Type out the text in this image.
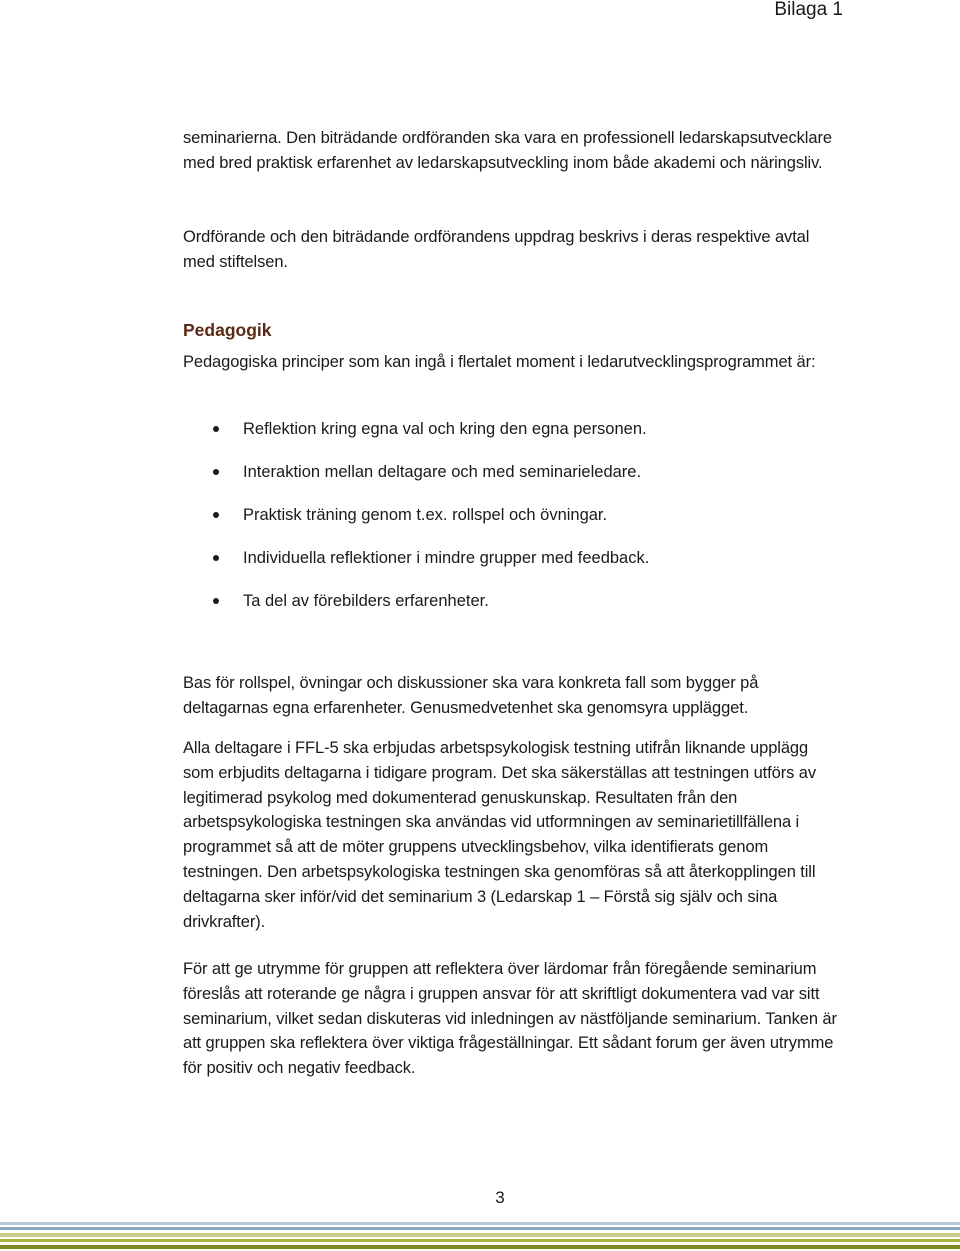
Bilaga 1

seminarierna. Den biträdande ordföranden ska vara en professionell ledarskapsutvecklare med bred praktisk erfarenhet av ledarskapsutveckling inom både akademi och näringsliv.

Ordförande och den biträdande ordförandens uppdrag beskrivs i deras respektive avtal med stiftelsen.

Pedagogik

Pedagogiska principer som kan ingå i flertalet moment i ledarutvecklingsprogrammet är:

Reflektion kring egna val och kring den egna personen.
Interaktion mellan deltagare och med seminarieledare.
Praktisk träning genom t.ex. rollspel och övningar.
Individuella reflektioner i mindre grupper med feedback.
Ta del av förebilders erfarenheter.

Bas för rollspel, övningar och diskussioner ska vara konkreta fall som bygger på deltagarnas egna erfarenheter. Genusmedvetenhet ska genomsyra upplägget.

Alla deltagare i FFL-5 ska erbjudas arbetspsykologisk testning utifrån liknande upplägg som erbjudits deltagarna i tidigare program. Det ska säkerställas att testningen utförs av legitimerad psykolog med dokumenterad genuskunskap. Resultaten från den arbetspsykologiska testningen ska användas vid utformningen av seminarietillfällena i programmet så att de möter gruppens utvecklingsbehov, vilka identifierats genom testningen. Den arbetspsykologiska testningen ska genomföras så att återkopplingen till deltagarna sker inför/vid det seminarium 3 (Ledarskap 1 – Förstå sig själv och sina drivkrafter).

För att ge utrymme för gruppen att reflektera över lärdomar från föregående seminarium föreslås att roterande ge några i gruppen ansvar för att skriftligt dokumentera vad var sitt seminarium, vilket sedan diskuteras vid inledningen av nästföljande seminarium. Tanken är att gruppen ska reflektera över viktiga frågeställningar. Ett sådant forum ger även utrymme för positiv och negativ feedback.

3
